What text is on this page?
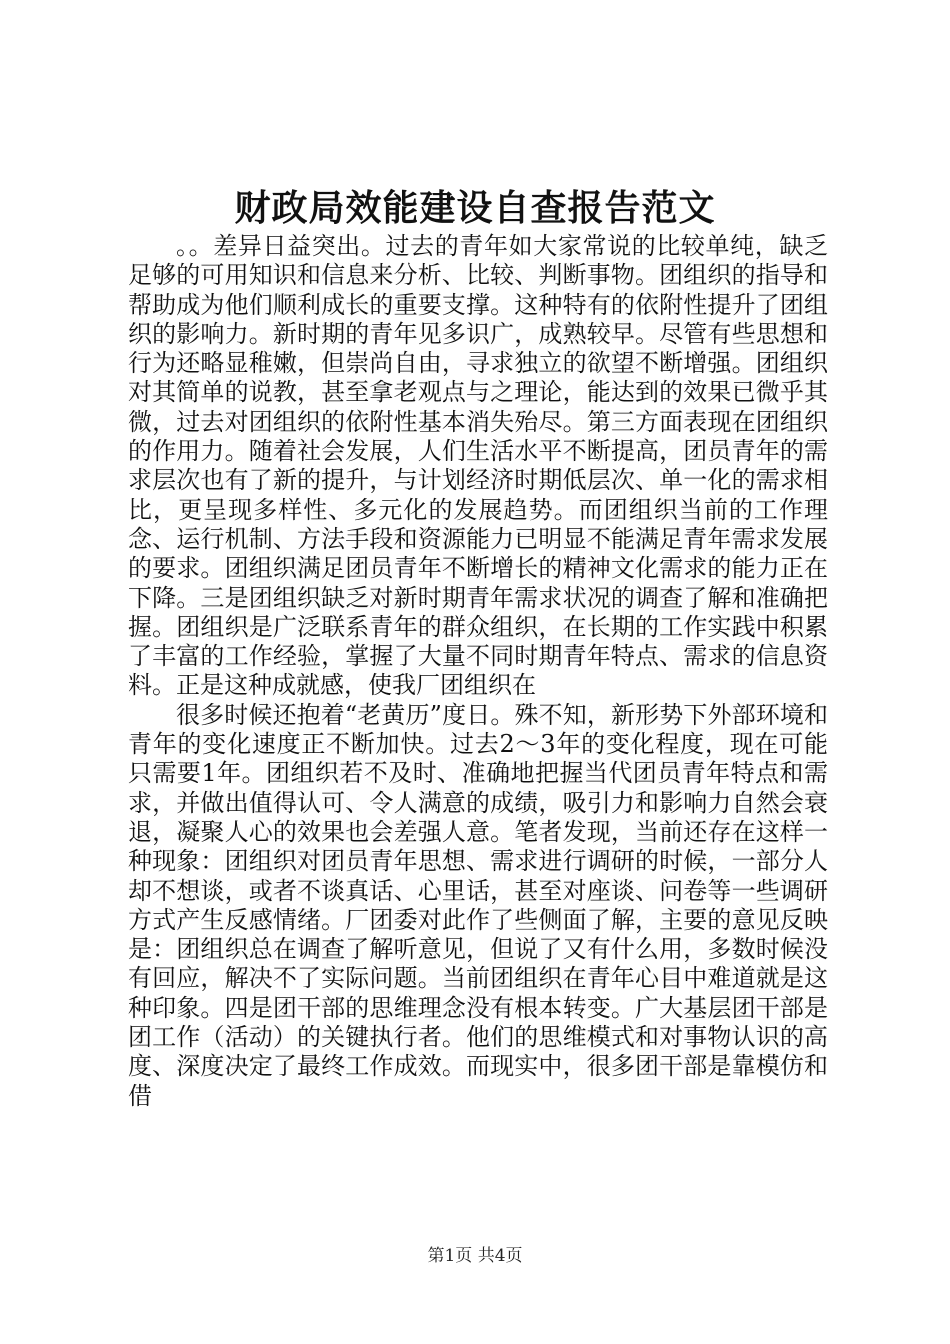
财政局效能建设自查报告范文

。。差异日益突出。过去的青年如大家常说的比较单纯，缺乏足够的可用知识和信息来分析、比较、判断事物。团组织的指导和帮助成为他们顺利成长的重要支撑。这种特有的依附性提升了团组织的影响力。新时期的青年见多识广，成熟较早。尽管有些思想和行为还略显稚嫩，但崇尚自由，寻求独立的欲望不断增强。团组织对其简单的说教，甚至拿老观点与之理论，能达到的效果已微乎其微，过去对团组织的依附性基本消失殆尽。第三方面表现在团组织的作用力。随着社会发展，人们生活水平不断提高，团员青年的需求层次也有了新的提升，与计划经济时期低层次、单一化的需求相比，更呈现多样性、多元化的发展趋势。而团组织当前的工作理念、运行机制、方法手段和资源能力已明显不能满足青年需求发展的要求。团组织满足团员青年不断增长的精神文化需求的能力正在下降。三是团组织缺乏对新时期青年需求状况的调查了解和准确把握。团组织是广泛联系青年的群众组织，在长期的工作实践中积累了丰富的工作经验，掌握了大量不同时期青年特点、需求的信息资料。正是这种成就感，使我厂团组织在

很多时候还抱着“老黄历”度日。殊不知，新形势下外部环境和青年的变化速度正不断加快。过去2～3年的变化程度，现在可能只需要1年。团组织若不及时、准确地把握当代团员青年特点和需求，并做出值得认可、令人满意的成绩，吸引力和影响力自然会衰退，凝聚人心的效果也会差强人意。笔者发现，当前还存在这样一种现象：团组织对团员青年思想、需求进行调研的时候，一部分人却不想谈，或者不谈真话、心里话，甚至对座谈、问卷等一些调研方式产生反感情绪。厂团委对此作了些侧面了解，主要的意见反映是：团组织总在调查了解听意见，但说了又有什么用，多数时候没有回应，解决不了实际问题。当前团组织在青年心目中难道就是这种印象。四是团干部的思维理念没有根本转变。广大基层团干部是团工作（活动）的关键执行者。他们的思维模式和对事物认识的高度、深度决定了最终工作成效。而现实中，很多团干部是靠模仿和借

第1页 共4页
